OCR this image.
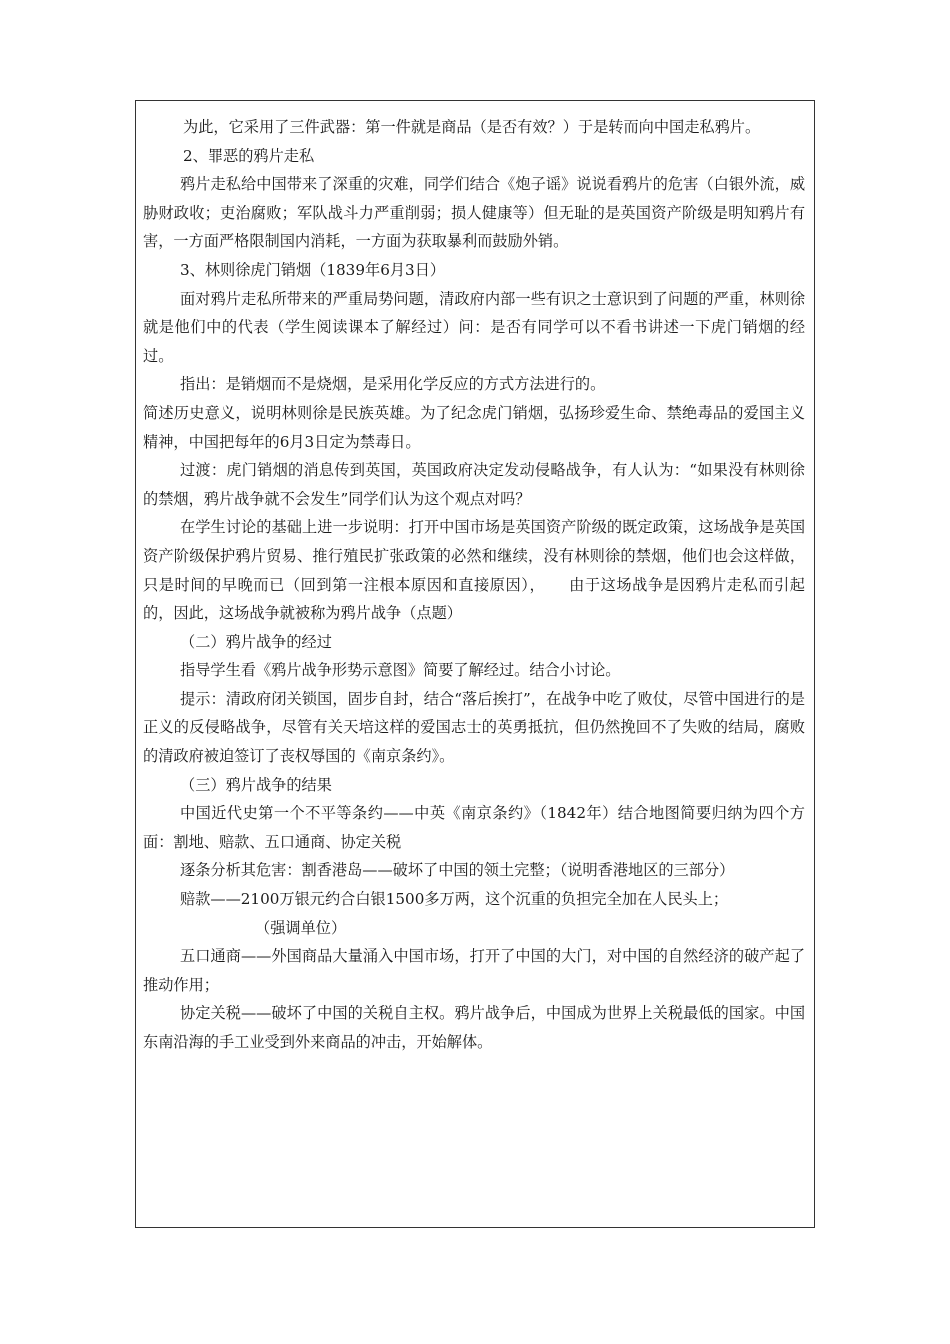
为此，它采用了三件武器：第一件就是商品（是否有效？）于是转而向中国走私鸦片。

2、罪恶的鸦片走私

鸦片走私给中国带来了深重的灾难，同学们结合《炮子谣》说说看鸦片的危害（白银外流，威胁财政收；吏治腐败；军队战斗力严重削弱；损人健康等）但无耻的是英国资产阶级是明知鸦片有害，一方面严格限制国内消耗，一方面为获取暴利而鼓励外销。

3、林则徐虎门销烟（1839年6月3日）

面对鸦片走私所带来的严重局势问题，清政府内部一些有识之士意识到了问题的严重，林则徐就是他们中的代表（学生阅读课本了解经过）问：是否有同学可以不看书讲述一下虎门销烟的经过。

指出：是销烟而不是烧烟，是采用化学反应的方式方法进行的。

简述历史意义，说明林则徐是民族英雄。为了纪念虎门销烟，弘扬珍爱生命、禁绝毒品的爱国主义精神，中国把每年的6月3日定为禁毒日。

过渡：虎门销烟的消息传到英国，英国政府决定发动侵略战争，有人认为：“如果没有林则徐的禁烟，鸦片战争就不会发生”同学们认为这个观点对吗？

在学生讨论的基础上进一步说明：打开中国市场是英国资产阶级的既定政策，这场战争是英国资产阶级保护鸦片贸易、推行殖民扩张政策的必然和继续，没有林则徐的禁烟，他们也会这样做，只是时间的早晚而已（回到第一注根本原因和直接原因），　　由于这场战争是因鸦片走私而引起的，因此，这场战争就被称为鸦片战争（点题）

（二）鸦片战争的经过

指导学生看《鸦片战争形势示意图》简要了解经过。结合小讨论。

提示：清政府闭关锁国，固步自封，结合“落后挨打”，在战争中吃了败仗，尽管中国进行的是正义的反侵略战争，尽管有关天培这样的爱国志士的英勇抵抗，但仍然挽回不了失败的结局，腐败的清政府被迫签订了丧权辱国的《南京条约》。

（三）鸦片战争的结果

中国近代史第一个不平等条约——中英《南京条约》（1842年）结合地图简要归纳为四个方面：割地、赔款、五口通商、协定关税

逐条分析其危害：割香港岛——破坏了中国的领土完整；（说明香港地区的三部分）

赔款——2100万银元约合白银1500多万两，这个沉重的负担完全加在人民头上；

（强调单位）

五口通商——外国商品大量涌入中国市场，打开了中国的大门，对中国的自然经济的破产起了推动作用；

协定关税——破坏了中国的关税自主权。鸦片战争后，中国成为世界上关税最低的国家。中国东南沿海的手工业受到外来商品的冲击，开始解体。
